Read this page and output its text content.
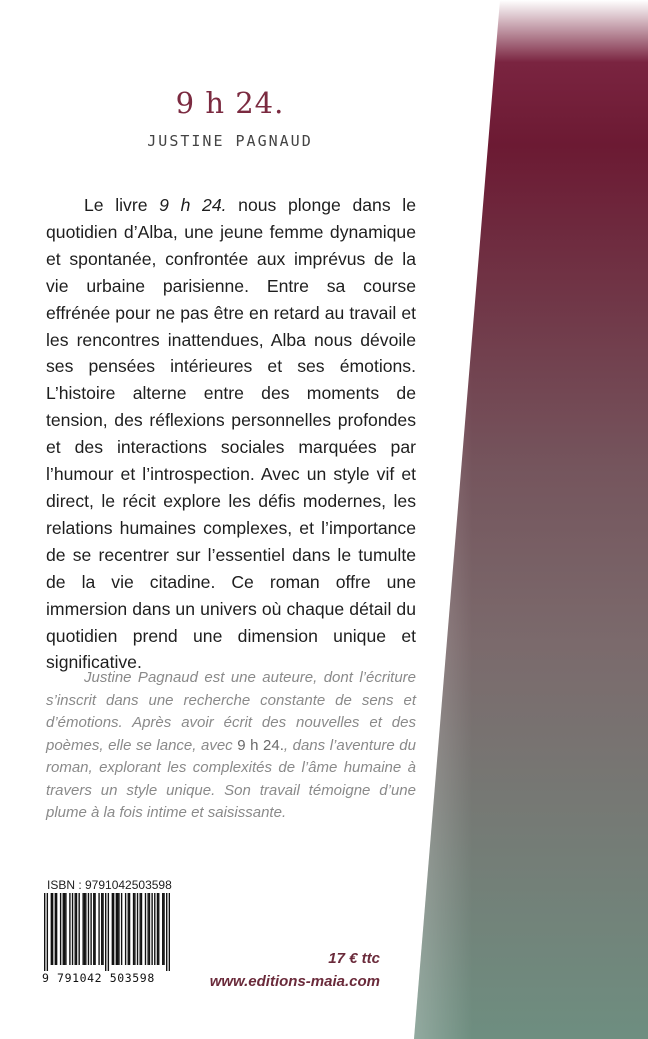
9 h 24.
JUSTINE PAGNAUD

Le livre 9 h 24. nous plonge dans le quotidien d’Alba, une jeune femme dynamique et spontanée, confrontée aux imprévus de la vie urbaine parisienne. Entre sa course effrénée pour ne pas être en retard au travail et les rencontres inattendues, Alba nous dévoile ses pensées intérieures et ses émotions. L’histoire alterne entre des moments de tension, des réflexions personnelles profondes et des interactions sociales marquées par l’humour et l’introspection. Avec un style vif et direct, le récit explore les défis modernes, les relations humaines complexes, et l’importance de se recentrer sur l’essentiel dans le tumulte de la vie citadine. Ce roman offre une immersion dans un univers où chaque détail du quotidien prend une dimension unique et significative.

Justine Pagnaud est une auteure, dont l’écriture s’inscrit dans une recherche constante de sens et d’émotions. Après avoir écrit des nouvelles et des poèmes, elle se lance, avec 9 h 24., dans l’aventure du roman, explorant les complexités de l’âme humaine à travers un style unique. Son travail témoigne d’une plume à la fois intime et saisissante.

ISBN : 9791042503598
9 791042 503598
17 € ttc
www.editions-maia.com
